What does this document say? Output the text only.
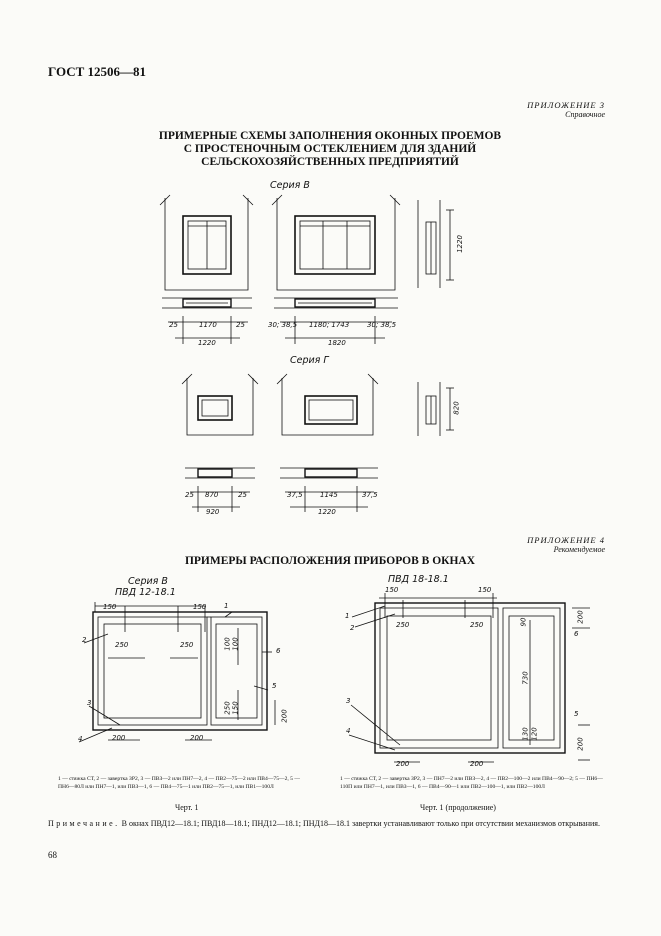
ГОСТ 12506—81
ПРИЛОЖЕНИЕ 3
Справочное
ПРИМЕРНЫЕ СХЕМЫ ЗАПОЛНЕНИЯ ОКОННЫХ ПРОЕМОВ
С ПРОСТЕНОЧНЫМ ОСТЕКЛЕНИЕМ ДЛЯ ЗДАНИЙ
СЕЛЬСКОХОЗЯЙСТВЕННЫХ ПРЕДПРИЯТИЙ
Серия В
Серия Г
25	1170	25
1220
30; 38,5 1180; 1743	30; 38,5
1820
1220
25 870	25
920
37,5 1145	37,5
1220
820
ПРИЛОЖЕНИЕ 4
Рекомендуемое
ПРИМЕРЫ РАСПОЛОЖЕНИЯ ПРИБОРОВ В ОКНАХ
Серия В
ПВД 12-18.1
ПВД 18-18.1
150	150
250	250
200	200
200
100 100
250 150
1
2
3
4
5
6
150	150
250	250
200	200
200
200
90
730
130 120
1
2
3
4
5
6
1 — стяжка СТ, 2 — завертка ЗР2, 3 — ПВЗ—2 или ПН7—2, 4 — ПВ2—75—2 или ПВ4—75—2, 5 — ПН6—80Л или ПН7—1, или ПВЗ—1, 6 — ПВ4—75—1 или ПВ2—75—1, или ПВ1—100Л
Черт. 1
1 — стяжка СТ, 2 — завертка ЗР2, 3 — ПН7—2 или ПВЗ—2, 4 — ПВ2—100—2 или ПВ4—90—2; 5 — ПН6—110П или ПН7—1, или ПВЗ—1, 6 — ПВ4—90—1 или ПВ2—100—1, или ПВ2—100Л
Черт. 1 (продолжение)
Примечание. В окнах ПВД12—18.1; ПВД18—18.1; ПНД12—18.1; ПНД18—18.1 завертки устанавливают только при отсутствии механизмов открывания.
68
